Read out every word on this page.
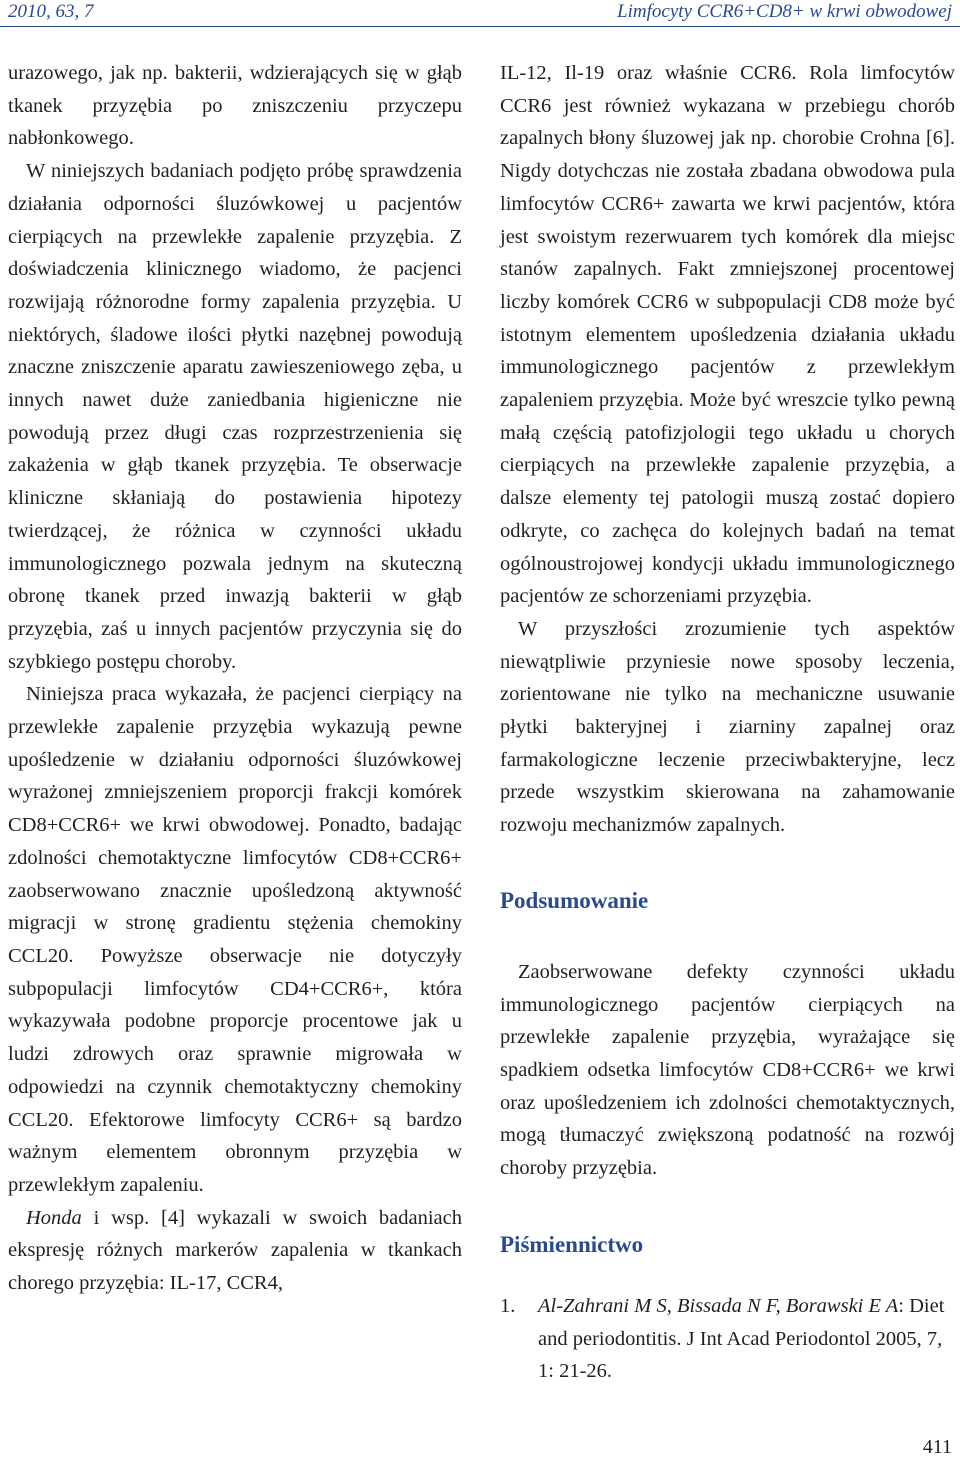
2010, 63, 7	Limfocyty CCR6+CD8+ w krwi obwodowej

urazowego, jak np. bakterii, wdzierających się w głąb tkanek przyzębia po zniszczeniu przyczepu nabłonkowego.

W niniejszych badaniach podjęto próbę sprawdzenia działania odporności śluzówkowej u pacjentów cierpiących na przewlekłe zapalenie przyzębia. Z doświadczenia klinicznego wiadomo, że pacjenci rozwijają różnorodne formy zapalenia przyzębia. U niektórych, śladowe ilości płytki nazębnej powodują znaczne zniszczenie aparatu zawieszeniowego zęba, u innych nawet duże zaniedbania higieniczne nie powodują przez długi czas rozprzestrzenienia się zakażenia w głąb tkanek przyzębia. Te obserwacje kliniczne skłaniają do postawienia hipotezy twierdzącej, że różnica w czynności układu immunologicznego pozwala jednym na skuteczną obronę tkanek przed inwazją bakterii w głąb przyzębia, zaś u innych pacjentów przyczynia się do szybkiego postępu choroby.

Niniejsza praca wykazała, że pacjenci cierpiący na przewlekłe zapalenie przyzębia wykazują pewne upośledzenie w działaniu odporności śluzówkowej wyrażonej zmniejszeniem proporcji frakcji komórek CD8+CCR6+ we krwi obwodowej. Ponadto, badając zdolności chemotaktyczne limfocytów CD8+CCR6+ zaobserwowano znacznie upośledzoną aktywność migracji w stronę gradientu stężenia chemokiny CCL20. Powyższe obserwacje nie dotyczyły subpopulacji limfocytów CD4+CCR6+, która wykazywała podobne proporcje procentowe jak u ludzi zdrowych oraz sprawnie migrowała w odpowiedzi na czynnik chemotaktyczny chemokiny CCL20. Efektorowe limfocyty CCR6+ są bardzo ważnym elementem obronnym przyzębia w przewlekłym zapaleniu.

Honda i wsp. [4] wykazali w swoich badaniach ekspresję różnych markerów zapalenia w tkankach chorego przyzębia: IL-17, CCR4,

IL-12, Il-19 oraz właśnie CCR6. Rola limfocytów CCR6 jest również wykazana w przebiegu chorób zapalnych błony śluzowej jak np. chorobie Crohna [6]. Nigdy dotychczas nie została zbadana obwodowa pula limfocytów CCR6+ zawarta we krwi pacjentów, która jest swoistym rezerwuarem tych komórek dla miejsc stanów zapalnych. Fakt zmniejszonej procentowej liczby komórek CCR6 w subpopulacji CD8 może być istotnym elementem upośledzenia działania układu immunologicznego pacjentów z przewlekłym zapaleniem przyzębia. Może być wreszcie tylko pewną małą częścią patofizjologii tego układu u chorych cierpiących na przewlekłe zapalenie przyzębia, a dalsze elementy tej patologii muszą zostać dopiero odkryte, co zachęca do kolejnych badań na temat ogólnoustrojowej kondycji układu immunologicznego pacjentów ze schorzeniami przyzębia.

W przyszłości zrozumienie tych aspektów niewątpliwie przyniesie nowe sposoby leczenia, zorientowane nie tylko na mechaniczne usuwanie płytki bakteryjnej i ziarniny zapalnej oraz farmakologiczne leczenie przeciwbakteryjne, lecz przede wszystkim skierowana na zahamowanie rozwoju mechanizmów zapalnych.

Podsumowanie

Zaobserwowane defekty czynności układu immunologicznego pacjentów cierpiących na przewlekłe zapalenie przyzębia, wyrażające się spadkiem odsetka limfocytów CD8+CCR6+ we krwi oraz upośledzeniem ich zdolności chemotaktycznych, mogą tłumaczyć zwiększoną podatność na rozwój choroby przyzębia.

Piśmiennictwo
1.	Al-Zahrani M S, Bissada N F, Borawski E A: Diet and periodontitis. J Int Acad Periodontol 2005, 7, 1: 21-26.
411
